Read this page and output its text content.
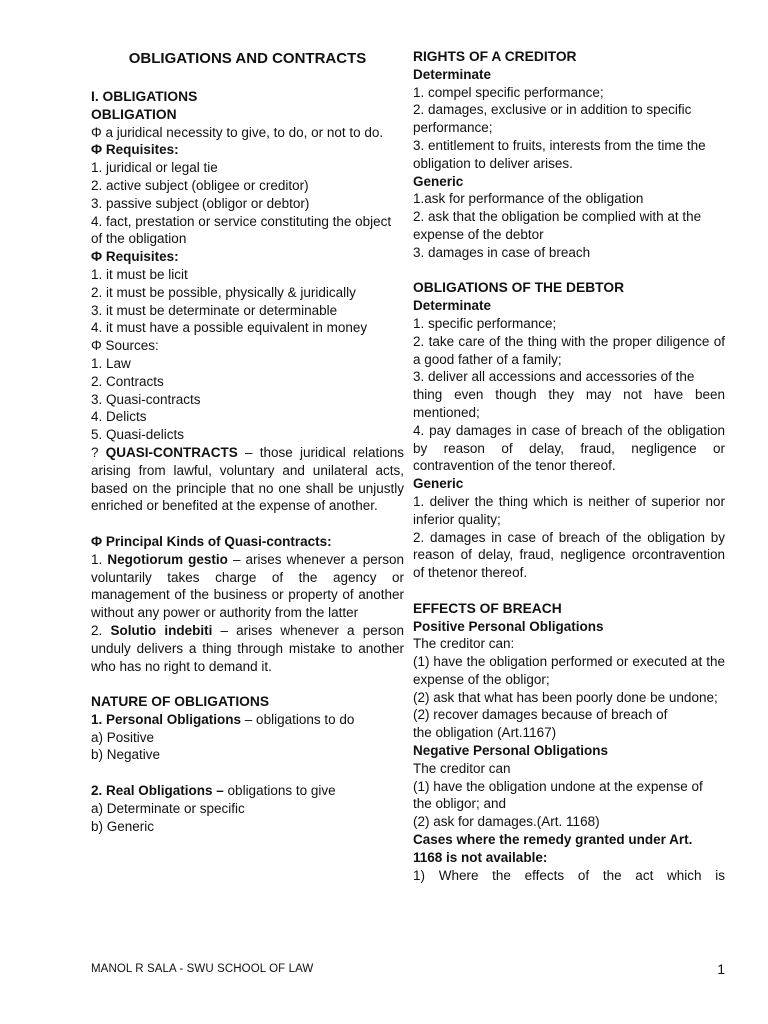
OBLIGATIONS AND CONTRACTS

I. OBLIGATIONS

OBLIGATION

Φ a juridical necessity to give, to do, or not to do.

Φ Requisites:

1. juridical or legal tie

2. active subject (obligee or creditor)

3. passive subject (obligor or debtor)

4. fact, prestation or service constituting the object of the obligation

Φ Requisites:

1. it must be licit

2. it must be possible, physically & juridically

3. it must be determinate or determinable

4. it must have a possible equivalent in money

Φ Sources:

1. Law

2. Contracts

3. Quasi-contracts

4. Delicts

5. Quasi-delicts

? QUASI-CONTRACTS – those juridical relations arising from lawful, voluntary and unilateral acts, based on the principle that no one shall be unjustly enriched or benefited at the expense of another.

Φ Principal Kinds of Quasi-contracts:

1. Negotiorum gestio – arises whenever a person voluntarily takes charge of the agency or management of the business or property of another without any power or authority from the latter

2. Solutio indebiti – arises whenever a person unduly delivers a thing through mistake to another who has no right to demand it.

NATURE OF OBLIGATIONS

1. Personal Obligations – obligations to do

a) Positive

b) Negative

2. Real Obligations – obligations to give

a) Determinate or specific

b) Generic

RIGHTS OF A CREDITOR

Determinate

1. compel specific performance;

2. damages, exclusive or in addition to specific performance;

3. entitlement to fruits, interests from the time the obligation to deliver arises.

Generic

1.ask for performance of the obligation

2. ask that the obligation be complied with at the expense of the debtor

3. damages in case of breach

OBLIGATIONS OF THE DEBTOR

Determinate

1. specific performance;

2. take care of the thing with the proper diligence of a good father of a family;

3. deliver all accessions and accessories of the

thing even though they may not have been mentioned;

4. pay damages in case of breach of the obligation by reason of delay, fraud, negligence or contravention of the tenor thereof.

Generic

1. deliver the thing which is neither of superior nor inferior quality;

2. damages in case of breach of the obligation by reason of delay, fraud, negligence orcontravention of thetenor thereof.

EFFECTS OF BREACH

Positive Personal Obligations

The creditor can:

(1) have the obligation performed or executed at the expense of the obligor;

(2) ask that what has been poorly done be undone;

(2) recover damages because of breach of

the obligation (Art.1167)

Negative Personal Obligations

The creditor can

(1) have the obligation undone at the expense of the obligor; and

(2) ask for damages.(Art. 1168)

Cases where the remedy granted under Art. 1168 is not available:

1) Where the effects of the act which is

MANOL R SALA - SWU SCHOOL OF LAW	1
